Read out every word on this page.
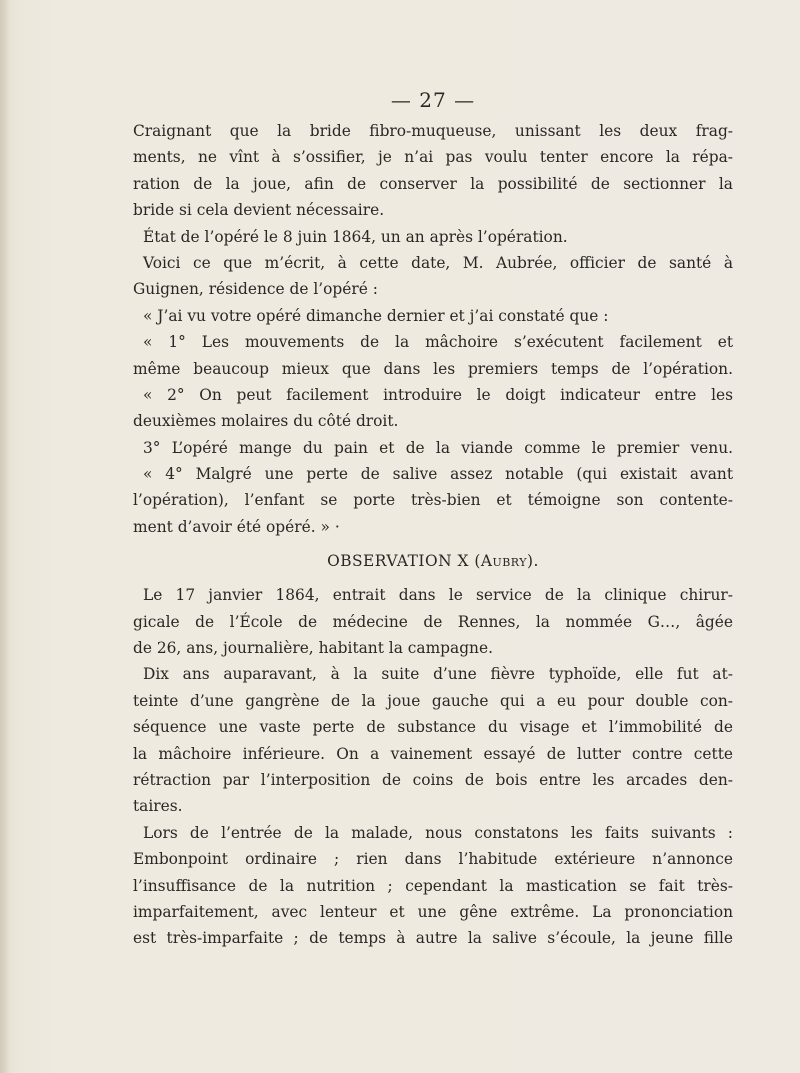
— 27 —
Craignant que la bride fibro-muqueuse, unissant les deux frag-
ments, ne vînt à s’ossifier, je n’ai pas voulu tenter encore la répa-
ration de la joue, afin de conserver la possibilité de sectionner la
bride si cela devient nécessaire.
État de l’opéré le 8 juin 1864, un an après l’opération.
Voici ce que m’écrit, à cette date, M. Aubrée, officier de santé à
Guignen, résidence de l’opéré :
« J’ai vu votre opéré dimanche dernier et j’ai constaté que :
« 1° Les mouvements de la mâchoire s’exécutent facilement et
même beaucoup mieux que dans les premiers temps de l’opération.
« 2° On peut facilement introduire le doigt indicateur entre les
deuxièmes molaires du côté droit.
3° L’opéré mange du pain et de la viande comme le premier venu.
« 4° Malgré une perte de salive assez notable (qui existait avant
l’opération), l’enfant se porte très-bien et témoigne son contente-
ment d’avoir été opéré. » ·
OBSERVATION X (Aubry).
Le 17 janvier 1864, entrait dans le service de la clinique chirur-
gicale de l’École de médecine de Rennes, la nommée G…, âgée
de 26, ans, journalière, habitant la campagne.
Dix ans auparavant, à la suite d’une fièvre typhoïde, elle fut at-
teinte d’une gangrène de la joue gauche qui a eu pour double con-
séquence une vaste perte de substance du visage et l’immobilité de
la mâchoire inférieure. On a vainement essayé de lutter contre cette
rétraction par l’interposition de coins de bois entre les arcades den-
taires.
Lors de l’entrée de la malade, nous constatons les faits suivants :
Embonpoint ordinaire ; rien dans l’habitude extérieure n’annonce
l’insuffisance de la nutrition ; cependant la mastication se fait très-
imparfaitement, avec lenteur et une gêne extrême. La prononciation
est très-imparfaite ; de temps à autre la salive s’écoule, la jeune fille
